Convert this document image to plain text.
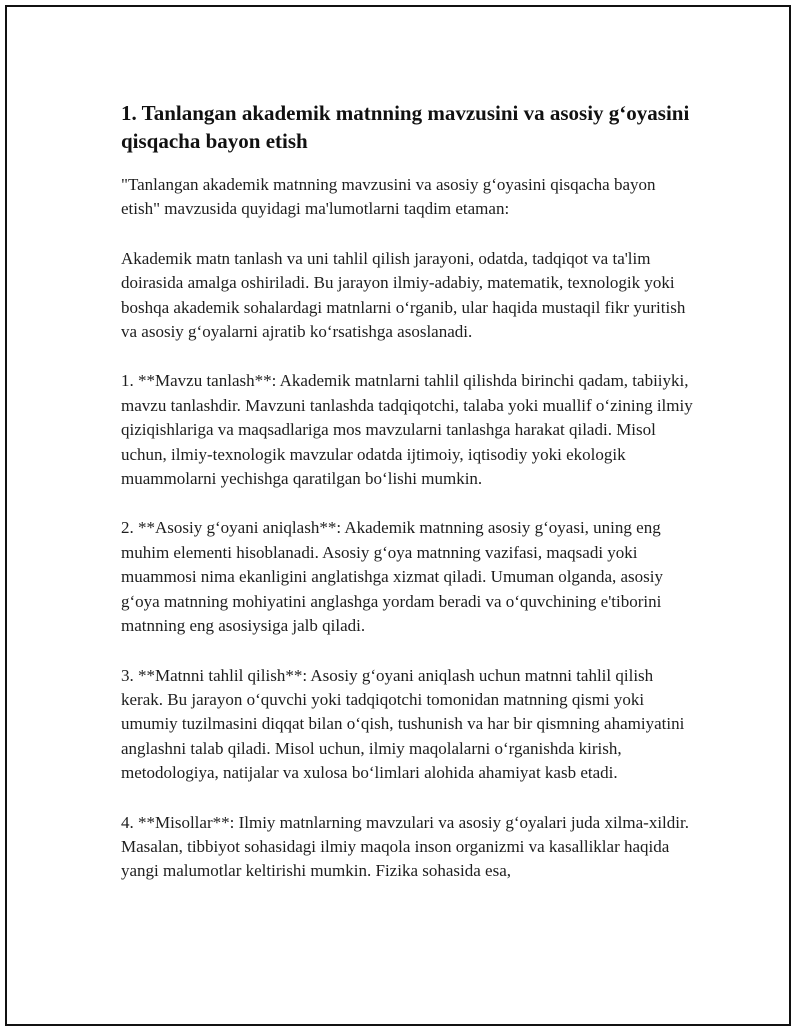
1. Tanlangan akademik matnning mavzusini va asosiy g‘oyasini qisqacha bayon etish

"Tanlangan akademik matnning mavzusini va asosiy g‘oyasini qisqacha bayon etish" mavzusida quyidagi ma'lumotlarni taqdim etaman:

Akademik matn tanlash va uni tahlil qilish jarayoni, odatda, tadqiqot va ta'lim doirasida amalga oshiriladi. Bu jarayon ilmiy-adabiy, matematik, texnologik yoki boshqa akademik sohalardagi matnlarni o‘rganib, ular haqida mustaqil fikr yuritish va asosiy g‘oyalarni ajratib ko‘rsatishga asoslanadi.

1. **Mavzu tanlash**: Akademik matnlarni tahlil qilishda birinchi qadam, tabiiyki, mavzu tanlashdir. Mavzuni tanlashda tadqiqotchi, talaba yoki muallif o‘zining ilmiy qiziqishlariga va maqsadlariga mos mavzularni tanlashga harakat qiladi. Misol uchun, ilmiy-texnologik mavzular odatda ijtimoiy, iqtisodiy yoki ekologik muammolarni yechishga qaratilgan bo‘lishi mumkin.

2. **Asosiy g‘oyani aniqlash**: Akademik matnning asosiy g‘oyasi, uning eng muhim elementi hisoblanadi. Asosiy g‘oya matnning vazifasi, maqsadi yoki muammosi nima ekanligini anglatishga xizmat qiladi. Umuman olganda, asosiy g‘oya matnning mohiyatini anglashga yordam beradi va o‘quvchining e'tiborini matnning eng asosiysiga jalb qiladi.

3. **Matnni tahlil qilish**: Asosiy g‘oyani aniqlash uchun matnni tahlil qilish kerak. Bu jarayon o‘quvchi yoki tadqiqotchi tomonidan matnning qismi yoki umumiy tuzilmasini diqqat bilan o‘qish, tushunish va har bir qismning ahamiyatini anglashni talab qiladi. Misol uchun, ilmiy maqolalarni o‘rganishda kirish, metodologiya, natijalar va xulosa bo‘limlari alohida ahamiyat kasb etadi.

4. **Misollar**: Ilmiy matnlarning mavzulari va asosiy g‘oyalari juda xilma-xildir. Masalan, tibbiyot sohasidagi ilmiy maqola inson organizmi va kasalliklar haqida yangi malumotlar keltirishi mumkin. Fizika sohasida esa,
